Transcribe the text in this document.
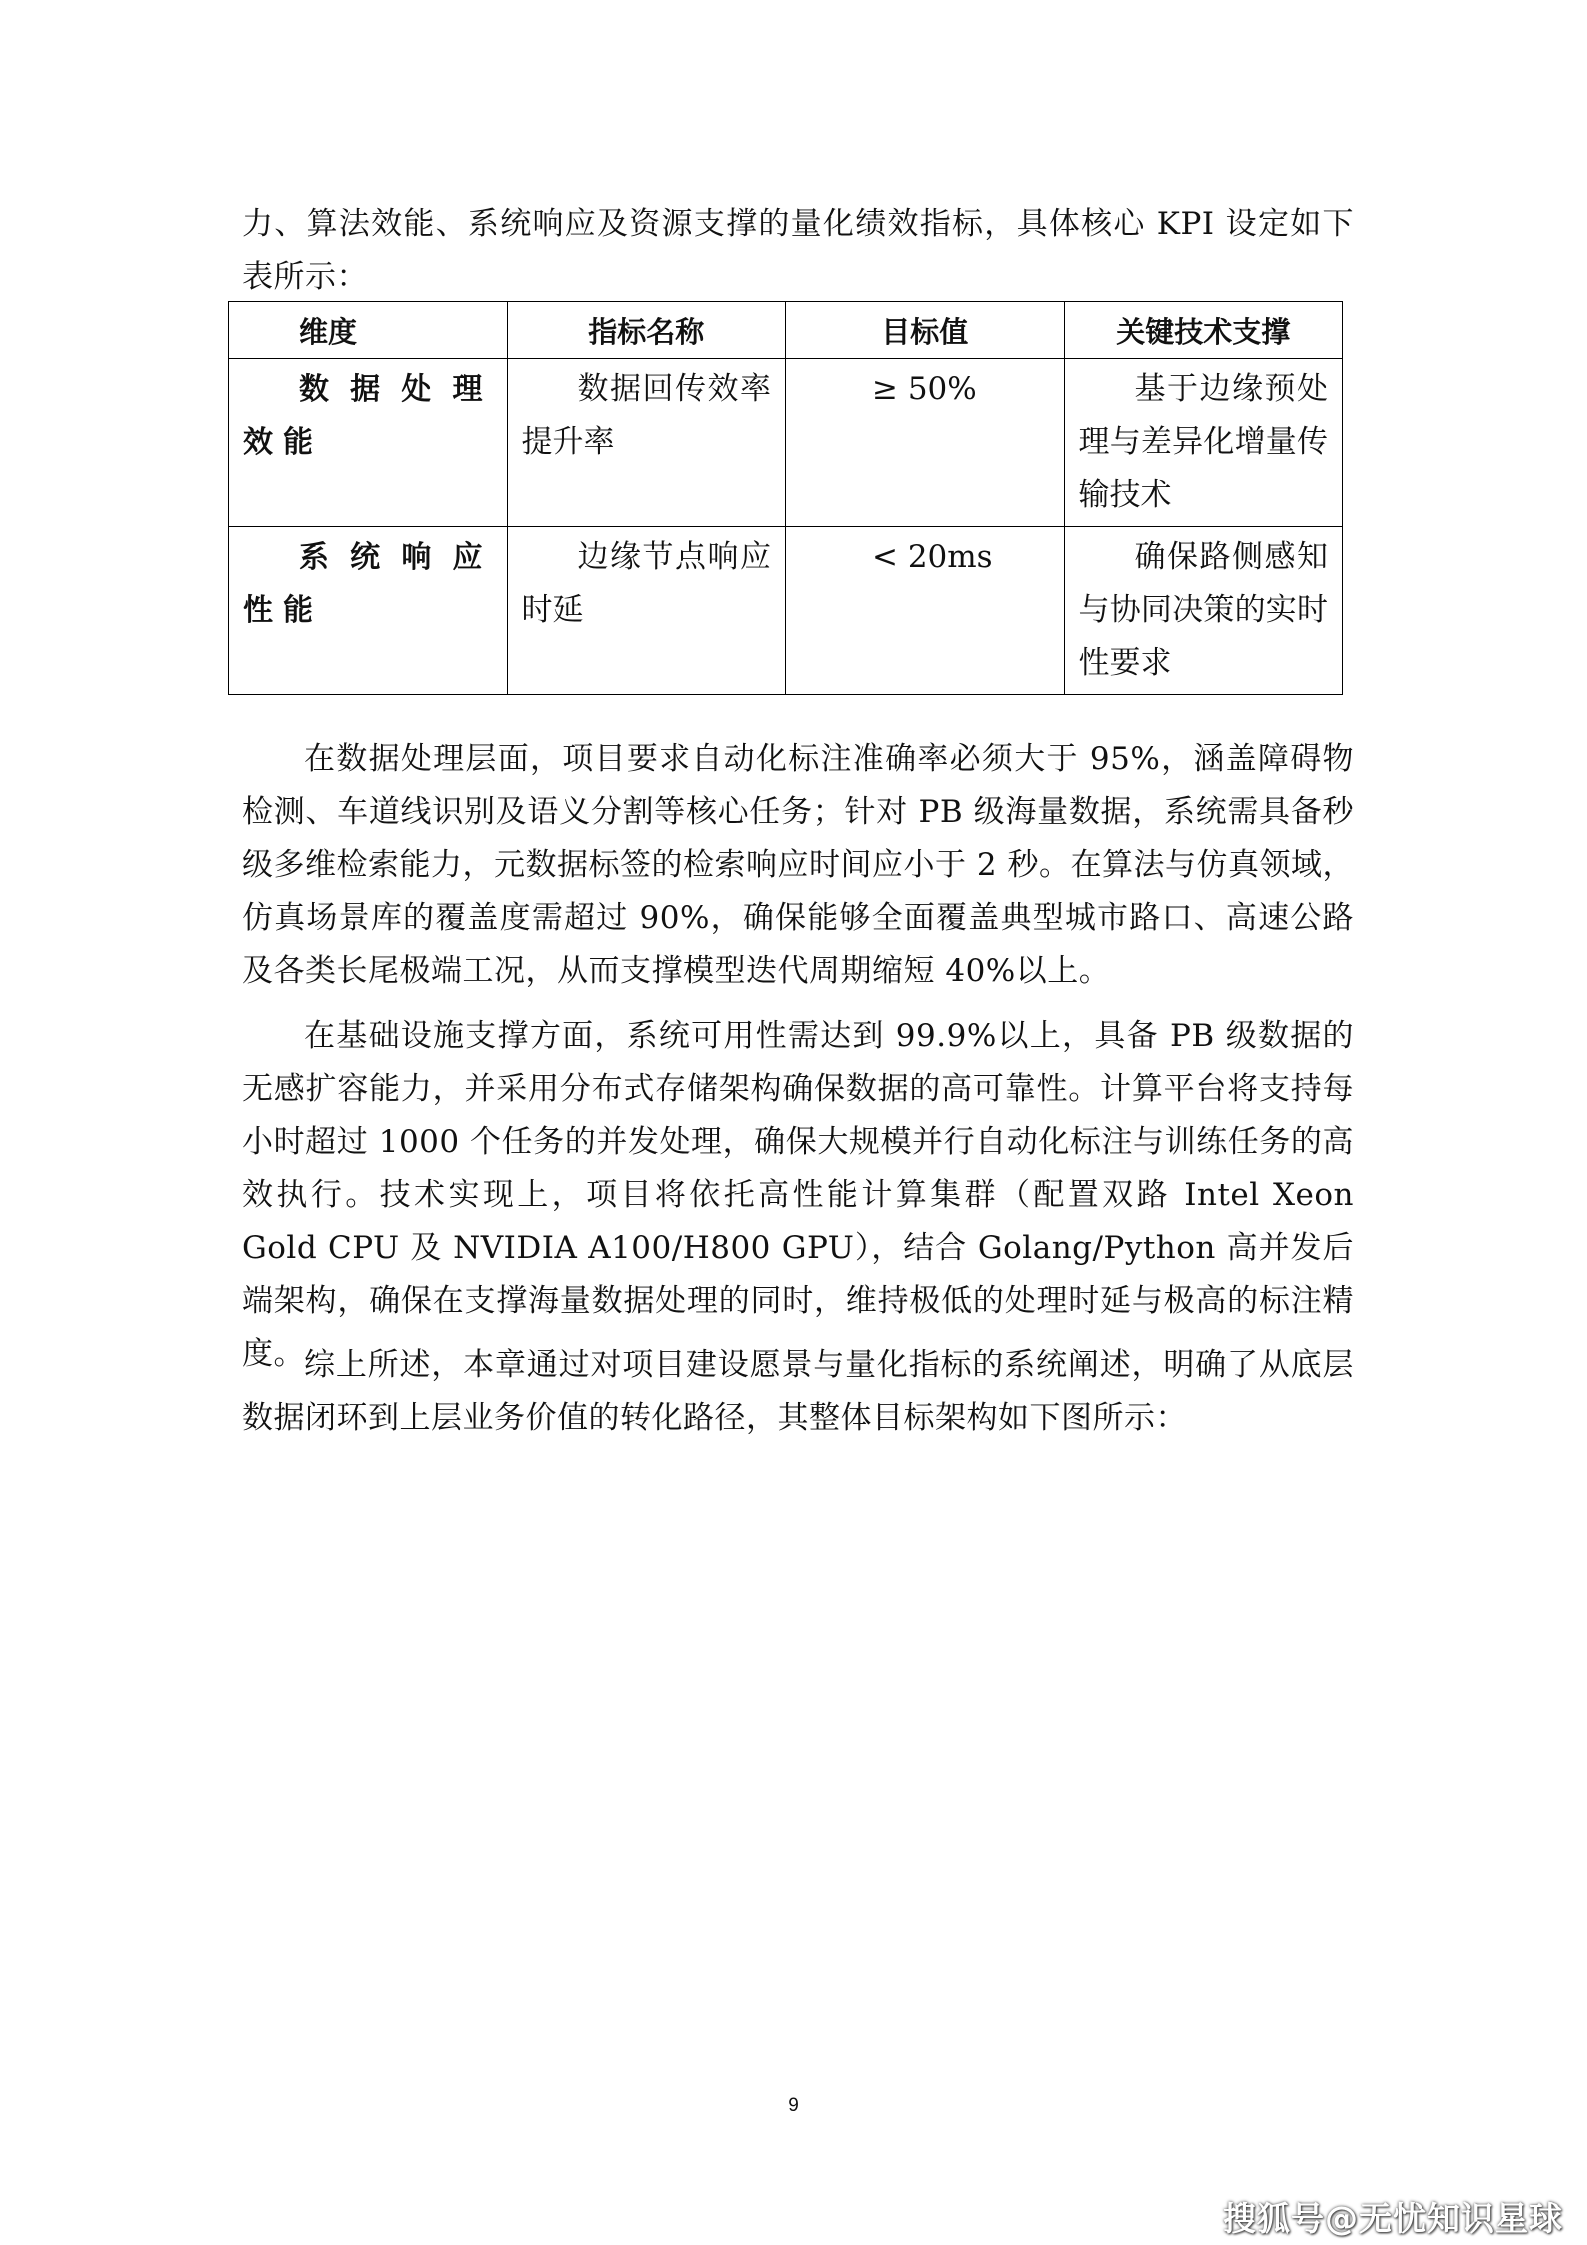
力、算法效能、系统响应及资源支撑的量化绩效指标，具体核心 KPI 设定如下表所示：

维度	指标名称	目标值	关键技术支撑
数据处理效能	数据回传效率提升率	≥ 50%	基于边缘预处理与差异化增量传输技术
系统响应性能	边缘节点响应时延	< 20ms	确保路侧感知与协同决策的实时性要求

在数据处理层面，项目要求自动化标注准确率必须大于 95%，涵盖障碍物检测、车道线识别及语义分割等核心任务；针对 PB 级海量数据，系统需具备秒级多维检索能力，元数据标签的检索响应时间应小于 2 秒。在算法与仿真领域，仿真场景库的覆盖度需超过 90%，确保能够全面覆盖典型城市路口、高速公路及各类长尾极端工况，从而支撑模型迭代周期缩短 40%以上。

在基础设施支撑方面，系统可用性需达到 99.9%以上，具备 PB 级数据的无感扩容能力，并采用分布式存储架构确保数据的高可靠性。计算平台将支持每小时超过 1000 个任务的并发处理，确保大规模并行自动化标注与训练任务的高效执行。技术实现上，项目将依托高性能计算集群（配置双路 Intel Xeon Gold CPU 及 NVIDIA A100/H800 GPU），结合 Golang/Python 高并发后端架构，确保在支撑海量数据处理的同时，维持极低的处理时延与极高的标注精度。 综上所述，本章通过对项目建设愿景与量化指标的系统阐述，明确了从底层数据闭环到上层业务价值的转化路径，其整体目标架构如下图所示：

9
搜狐号@无忧知识星球
